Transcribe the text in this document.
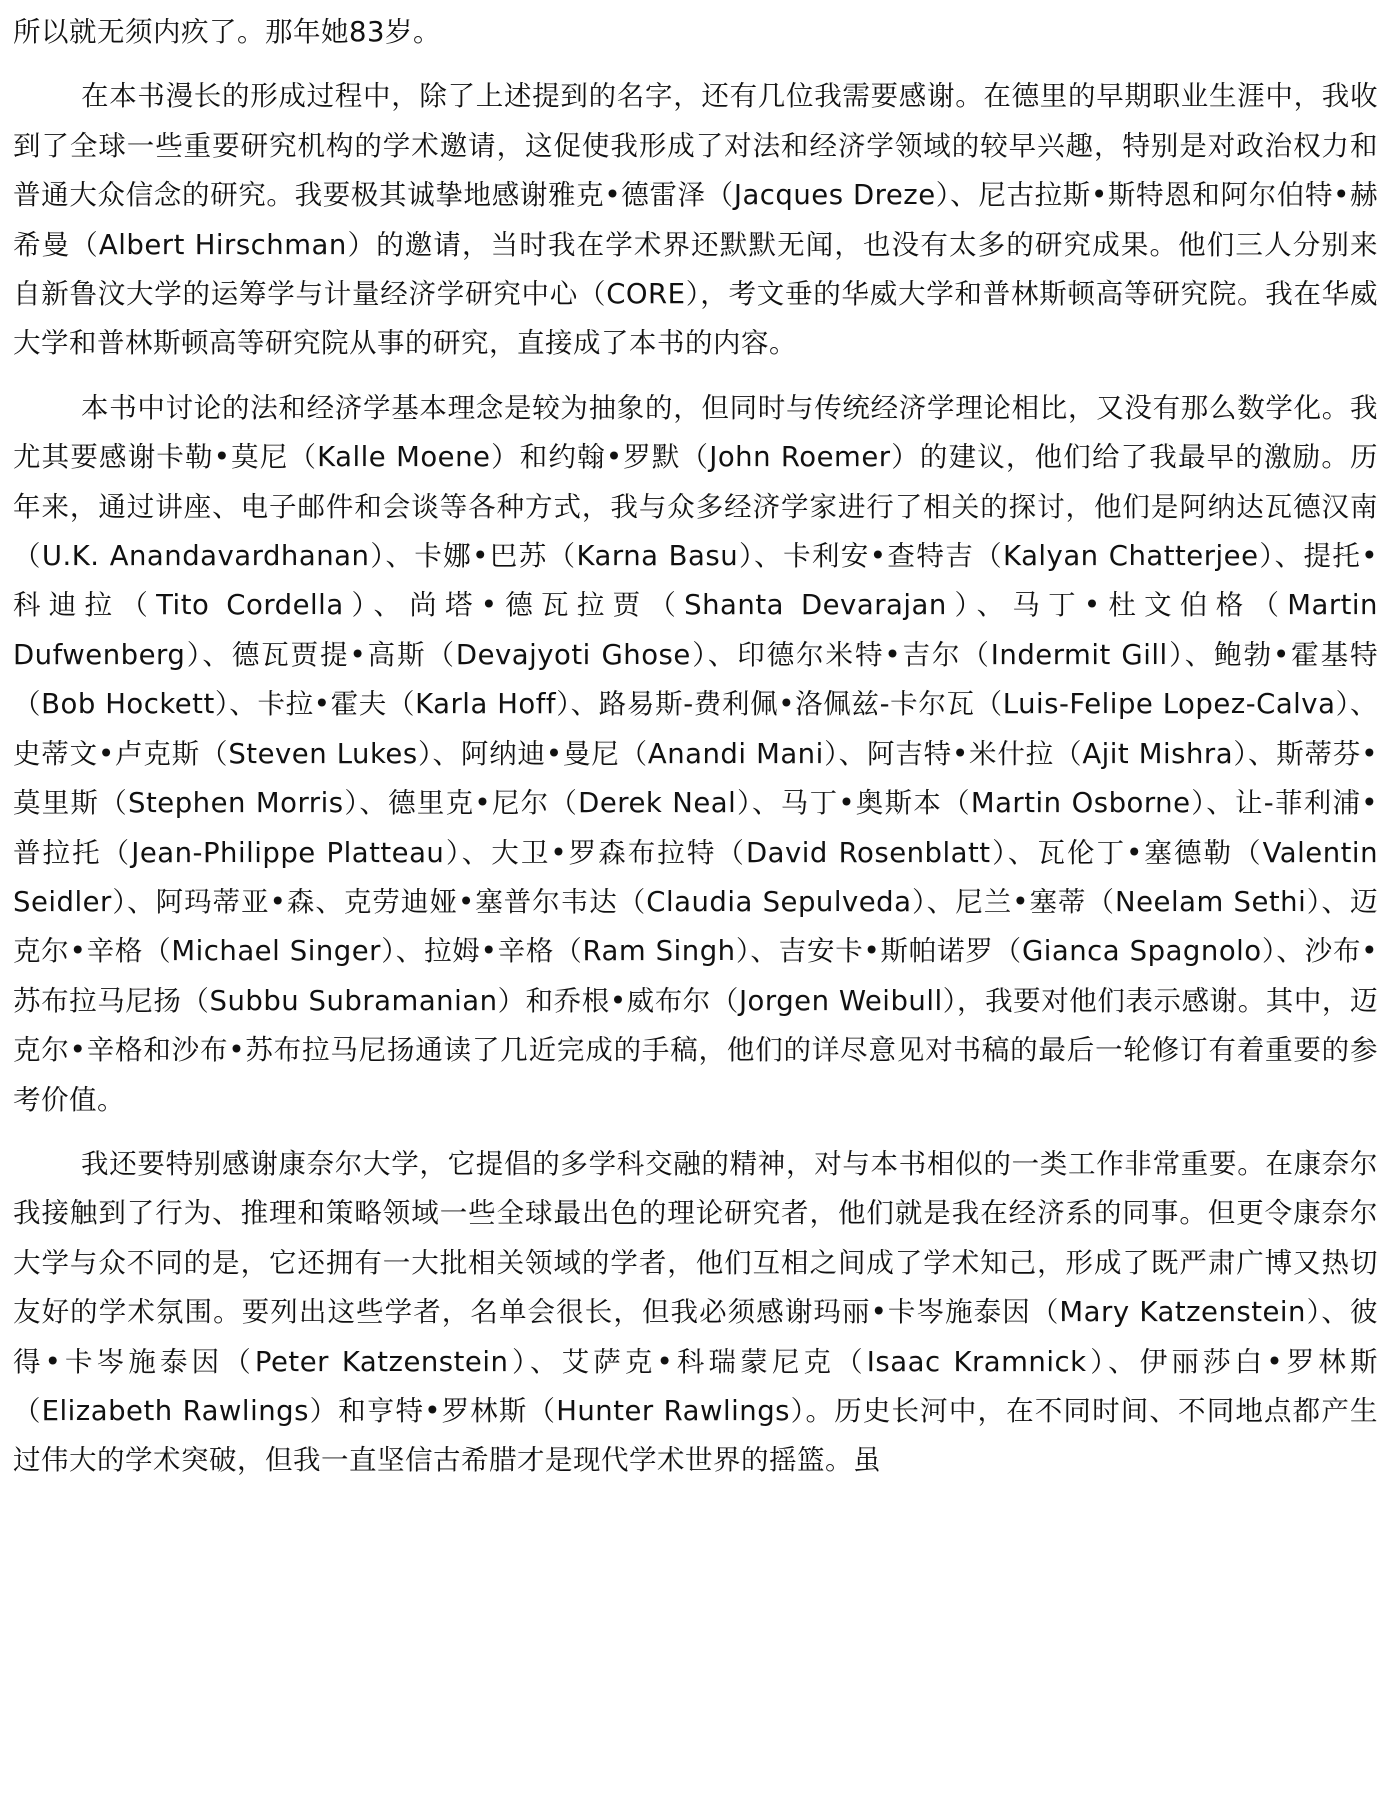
所以就无须内疚了。那年她83岁。

在本书漫长的形成过程中，除了上述提到的名字，还有几位我需要感谢。在德里的早期职业生涯中，我收到了全球一些重要研究机构的学术邀请，这促使我形成了对法和经济学领域的较早兴趣，特别是对政治权力和普通大众信念的研究。我要极其诚挚地感谢雅克•德雷泽（Jacques Dreze）、尼古拉斯•斯特恩和阿尔伯特•赫希曼（Albert Hirschman）的邀请，当时我在学术界还默默无闻，也没有太多的研究成果。他们三人分别来自新鲁汶大学的运筹学与计量经济学研究中心（CORE），考文垂的华威大学和普林斯顿高等研究院。我在华威大学和普林斯顿高等研究院从事的研究，直接成了本书的内容。

本书中讨论的法和经济学基本理念是较为抽象的，但同时与传统经济学理论相比，又没有那么数学化。我尤其要感谢卡勒•莫尼（Kalle Moene）和约翰•罗默（John Roemer）的建议，他们给了我最早的激励。历年来，通过讲座、电子邮件和会谈等各种方式，我与众多经济学家进行了相关的探讨，他们是阿纳达瓦德汉南（U.K. Anandavardhanan）、卡娜•巴苏（Karna Basu）、卡利安•查特吉（Kalyan Chatterjee）、提托•科迪拉（Tito Cordella）、尚塔•德瓦拉贾（Shanta Devarajan）、马丁•杜文伯格（Martin Dufwenberg）、德瓦贾提•高斯（Devajyoti Ghose）、印德尔米特•吉尔（Indermit Gill）、鲍勃•霍基特（Bob Hockett）、卡拉•霍夫（Karla Hoff）、路易斯-费利佩•洛佩兹-卡尔瓦（Luis-Felipe Lopez-Calva）、史蒂文•卢克斯（Steven Lukes）、阿纳迪•曼尼（Anandi Mani）、阿吉特•米什拉（Ajit Mishra）、斯蒂芬•莫里斯（Stephen Morris）、德里克•尼尔（Derek Neal）、马丁•奥斯本（Martin Osborne）、让-菲利浦•普拉托（Jean-Philippe Platteau）、大卫•罗森布拉特（David Rosenblatt）、瓦伦丁•塞德勒（Valentin Seidler）、阿玛蒂亚•森、克劳迪娅•塞普尔韦达（Claudia Sepulveda）、尼兰•塞蒂（Neelam Sethi）、迈克尔•辛格（Michael Singer）、拉姆•辛格（Ram Singh）、吉安卡•斯帕诺罗（Gianca Spagnolo）、沙布•苏布拉马尼扬（Subbu Subramanian）和乔根•威布尔（Jorgen Weibull），我要对他们表示感谢。其中，迈克尔•辛格和沙布•苏布拉马尼扬通读了几近完成的手稿，他们的详尽意见对书稿的最后一轮修订有着重要的参考价值。

我还要特别感谢康奈尔大学，它提倡的多学科交融的精神，对与本书相似的一类工作非常重要。在康奈尔我接触到了行为、推理和策略领域一些全球最出色的理论研究者，他们就是我在经济系的同事。但更令康奈尔大学与众不同的是，它还拥有一大批相关领域的学者，他们互相之间成了学术知己，形成了既严肃广博又热切友好的学术氛围。要列出这些学者，名单会很长，但我必须感谢玛丽•卡岑施泰因（Mary Katzenstein）、彼得•卡岑施泰因（Peter Katzenstein）、艾萨克•科瑞蒙尼克（Isaac Kramnick）、伊丽莎白•罗林斯（Elizabeth Rawlings）和亨特•罗林斯（Hunter Rawlings）。历史长河中，在不同时间、不同地点都产生过伟大的学术突破，但我一直坚信古希腊才是现代学术世界的摇篮。虽
